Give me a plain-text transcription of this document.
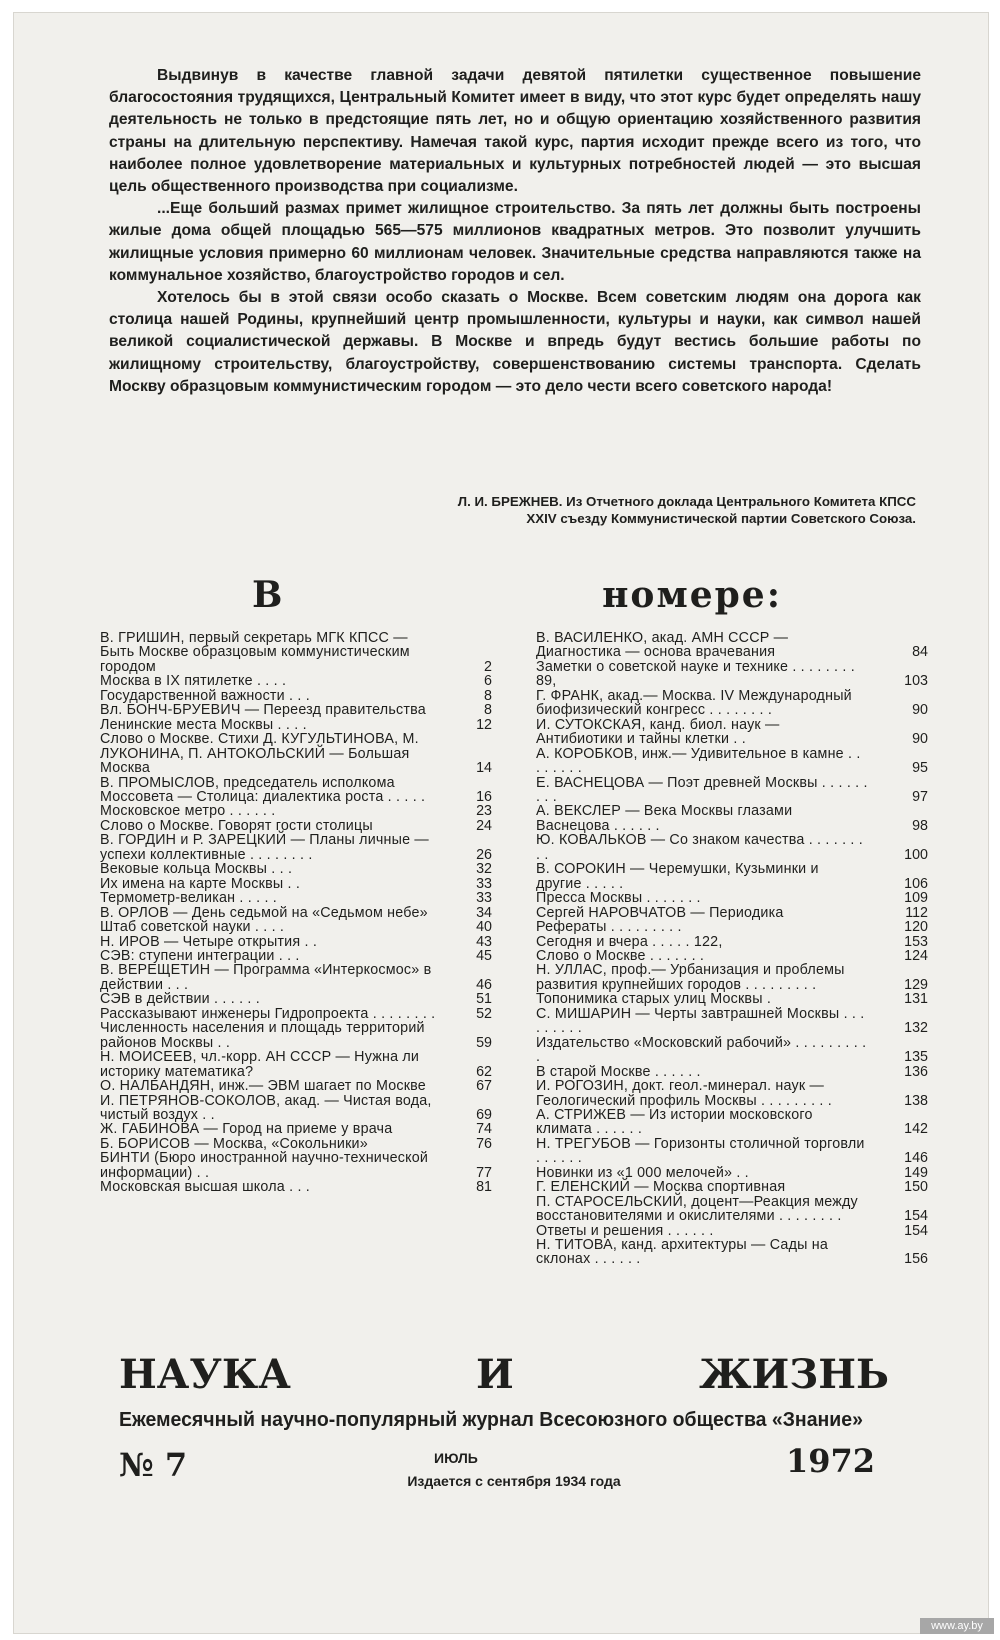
Выдвинув в качестве главной задачи девятой пятилетки существенное повышение благосостояния трудящихся, Центральный Комитет имеет в виду, что этот курс будет определять нашу деятельность не только в предстоящие пять лет, но и общую ориентацию хозяйственного развития страны на длительную перспективу. Намечая такой курс, партия исходит прежде всего из того, что наиболее полное удовлетворение материальных и культурных потребностей людей — это высшая цель общественного производства при социализме.

...Еще больший размах примет жилищное строительство. За пять лет должны быть построены жилые дома общей площадью 565—575 миллионов квадратных метров. Это позволит улучшить жилищные условия примерно 60 миллионам человек. Значительные средства направляются также на коммунальное хозяйство, благоустройство городов и сел.

Хотелось бы в этой связи особо сказать о Москве. Всем советским людям она дорога как столица нашей Родины, крупнейший центр промышленности, культуры и науки, как символ нашей великой социалистической державы. В Москве и впредь будут вестись большие работы по жилищному строительству, благоустройству, совершенствованию системы транспорта. Сделать Москву образцовым коммунистическим городом — это дело чести всего советского народа!

Л. И. БРЕЖНЕВ. Из Отчетного доклада Центрального Комитета КПСС
XXIV съезду Коммунистической партии Советского Союза.
В номере:
В. ГРИШИН, первый секретарь МГК КПСС — Быть Москве образцовым коммунистическим городом	2
Москва в IX пятилетке . . . .	6
Государственной важности . . .	8
Вл. БОНЧ-БРУЕВИЧ — Переезд правительства	8
Ленинские места Москвы . . . .	12
Слово о Москве. Стихи Д. КУГУЛЬТИНОВА, М. ЛУКОНИНА, П. АНТОКОЛЬСКИЙ — Большая Москва	14
В. ПРОМЫСЛОВ, председатель исполкома Моссовета — Столица: диалектика роста . . . . .	16
Московское метро . . . . . .	23
Слово о Москве. Говорят гости столицы	24
В. ГОРДИН и Р. ЗАРЕЦКИЙ — Планы личные — успехи коллективные . . . . . . . .	26
Вековые кольца Москвы . . .	32
Их имена на карте Москвы . .	33
Термометр-великан . . . . .	33
В. ОРЛОВ — День седьмой на «Седьмом небе»	34
Штаб советской науки . . . .	40
Н. ИРОВ — Четыре открытия . .	43
СЭВ: ступени интеграции . . .	45
В. ВЕРЕЩЕТИН — Программа «Интеркосмос» в действии . . .	46
СЭВ в действии . . . . . .	51
Рассказывают инженеры Гидропроекта . . . . . . . .	52
Численность населения и площадь территорий районов Москвы . .	59
Н. МОИСЕЕВ, чл.-корр. АН СССР — Нужна ли историку математика?	62
О. НАЛБАНДЯН, инж.— ЭВМ шагает по Москве	67
И. ПЕТРЯНОВ-СОКОЛОВ, акад. — Чистая вода, чистый воздух . .	69
Ж. ГАБИНОВА — Город на приеме у врача	74
Б. БОРИСОВ — Москва, «Сокольники»	76
БИНТИ (Бюро иностранной научно-технической информации) . .	77
Московская высшая школа . . .	81
В. ВАСИЛЕНКО, акад. АМН СССР — Диагностика — основа врачевания	84
Заметки о советской науке и технике . . . . . . . . 89,	103
Г. ФРАНК, акад.— Москва. IV Международный биофизический конгресс . . . . . . . .	90
И. СУТОКСКАЯ, канд. биол. наук — Антибиотики и тайны клетки . .	90
А. КОРОБКОВ, инж.— Удивительное в камне . . . . . . . .	95
Е. ВАСНЕЦОВА — Поэт древней Москвы . . . . . . . . .	97
А. ВЕКСЛЕР — Века Москвы глазами Васнецова . . . . . .	98
Ю. КОВАЛЬКОВ — Со знаком качества . . . . . . . . .	100
В. СОРОКИН — Черемушки, Кузьминки и другие . . . . .	106
Пресса Москвы . . . . . . .	109
Сергей НАРОВЧАТОВ — Периодика	112
Рефераты . . . . . . . . .	120
Сегодня и вчера . . . . . 122,	153
Слово о Москве . . . . . . .	124
Н. УЛЛАС, проф.— Урбанизация и проблемы развития крупнейших городов . . . . . . . . .	129
Топонимика старых улиц Москвы .	131
С. МИШАРИН — Черты завтрашней Москвы . . . . . . . . .	132
Издательство «Московский рабочий» . . . . . . . . . .	135
В старой Москве . . . . . .	136
И. РОГОЗИН, докт. геол.-минерал. наук — Геологический профиль Москвы . . . . . . . . .	138
А. СТРИЖЕВ — Из истории московского климата . . . . . .	142
Н. ТРЕГУБОВ — Горизонты столичной торговли . . . . . .	146
Новинки из «1 000 мелочей» . .	149
Г. ЕЛЕНСКИЙ — Москва спортивная	150
П. СТАРОСЕЛЬСКИЙ, доцент—Реакция между восстановителями и окислителями . . . . . . . .	154
Ответы и решения . . . . . .	154
Н. ТИТОВА, канд. архитектуры — Сады на склонах . . . . . .	156
НАУКА И ЖИЗНЬ
Ежемесячный научно-популярный журнал Всесоюзного общества «Знание»
№ 7	ИЮЛЬ
Издается с сентября 1934 года
1972
www.ay.by
